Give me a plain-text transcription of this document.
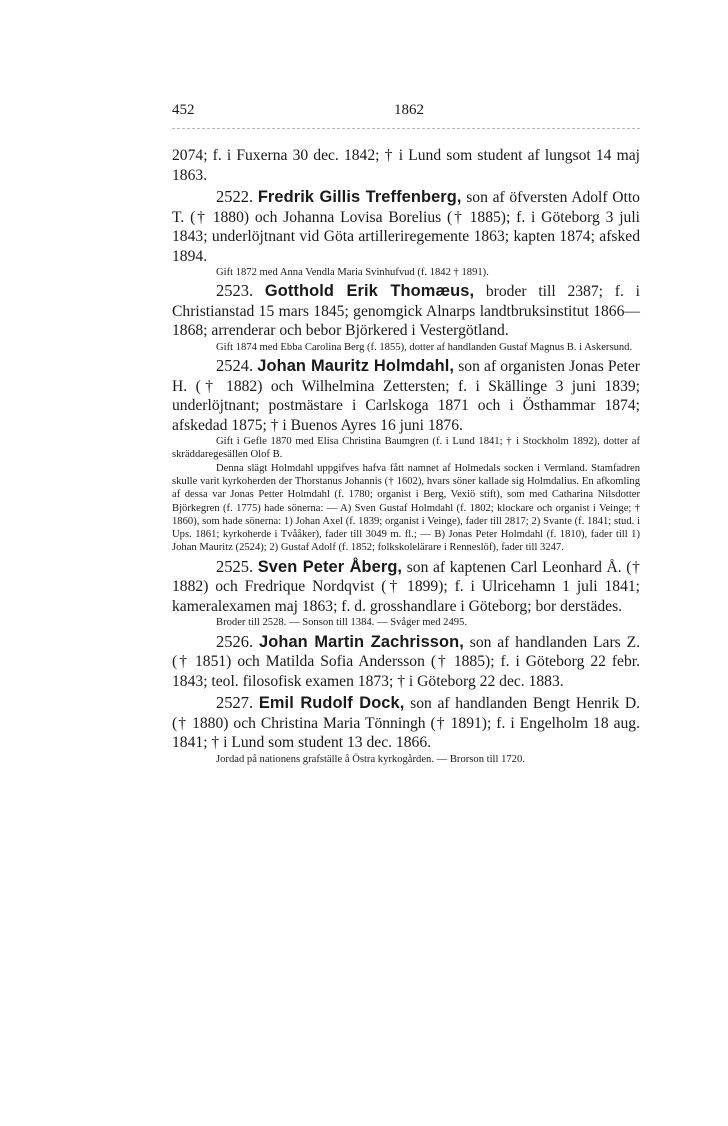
452	1862

2074; f. i Fuxerna 30 dec. 1842; † i Lund som student af lungsot 14 maj 1863.

2522. Fredrik Gillis Treffenberg, son af öfversten Adolf Otto T. († 1880) och Johanna Lovisa Borelius († 1885); f. i Göteborg 3 juli 1843; underlöjtnant vid Göta artilleriregemente 1863; kapten 1874; afsked 1894.

Gift 1872 med Anna Vendla Maria Svinhufvud (f. 1842 † 1891).

2523. Gotthold Erik Thomæus, broder till 2387; f. i Christianstad 15 mars 1845; genomgick Alnarps landtbruksinstitut 1866—1868; arrenderar och bebor Björkered i Vestergötland.

Gift 1874 med Ebba Carolina Berg (f. 1855), dotter af handlanden Gustaf Magnus B. i Askersund.

2524. Johan Mauritz Holmdahl, son af organisten Jonas Peter H. († 1882) och Wilhelmina Zettersten; f. i Skällinge 3 juni 1839; underlöjtnant; postmästare i Carlskoga 1871 och i Östhammar 1874; afskedad 1875; † i Buenos Ayres 16 juni 1876.

Gift i Gefle 1870 med Elisa Christina Baumgren (f. i Lund 1841; † i Stockholm 1892), dotter af skräddaregesällen Olof B.

Denna slägt Holmdahl uppgifves hafva fått namnet af Holmedals socken i Vermland. Stamfadren skulle varit kyrkoherden der Thorstanus Johannis († 1602), hvars söner kallade sig Holmdalius. En afkomling af dessa var Jonas Petter Holmdahl (f. 1780; organist i Berg, Vexiö stift), som med Catharina Nilsdotter Björkegren (f. 1775) hade sönerna: — A) Sven Gustaf Holmdahl (f. 1802; klockare och organist i Veinge; † 1860), som hade sönerna: 1) Johan Axel (f. 1839; organist i Veinge), fader till 2817; 2) Svante (f. 1841; stud. i Ups. 1861; kyrkoherde i Tvååker), fader till 3049 m. fl.; — B) Jonas Peter Holmdahl (f. 1810), fader till 1) Johan Mauritz (2524); 2) Gustaf Adolf (f. 1852; folkskolelärare i Renneslöf), fader till 3247.

2525. Sven Peter Åberg, son af kaptenen Carl Leonhard Å. († 1882) och Fredrique Nordqvist († 1899); f. i Ulricehamn 1 juli 1841; kameralexamen maj 1863; f. d. grosshandlare i Göteborg; bor derstädes.

Broder till 2528. — Sonson till 1384. — Svåger med 2495.

2526. Johan Martin Zachrisson, son af handlanden Lars Z. († 1851) och Matilda Sofia Andersson († 1885); f. i Göteborg 22 febr. 1843; teol. filosofisk examen 1873; † i Göteborg 22 dec. 1883.

2527. Emil Rudolf Dock, son af handlanden Bengt Henrik D. († 1880) och Christina Maria Tönningh († 1891); f. i Engelholm 18 aug. 1841; † i Lund som student 13 dec. 1866.

Jordad på nationens grafställe å Östra kyrkogården. — Brorson till 1720.
